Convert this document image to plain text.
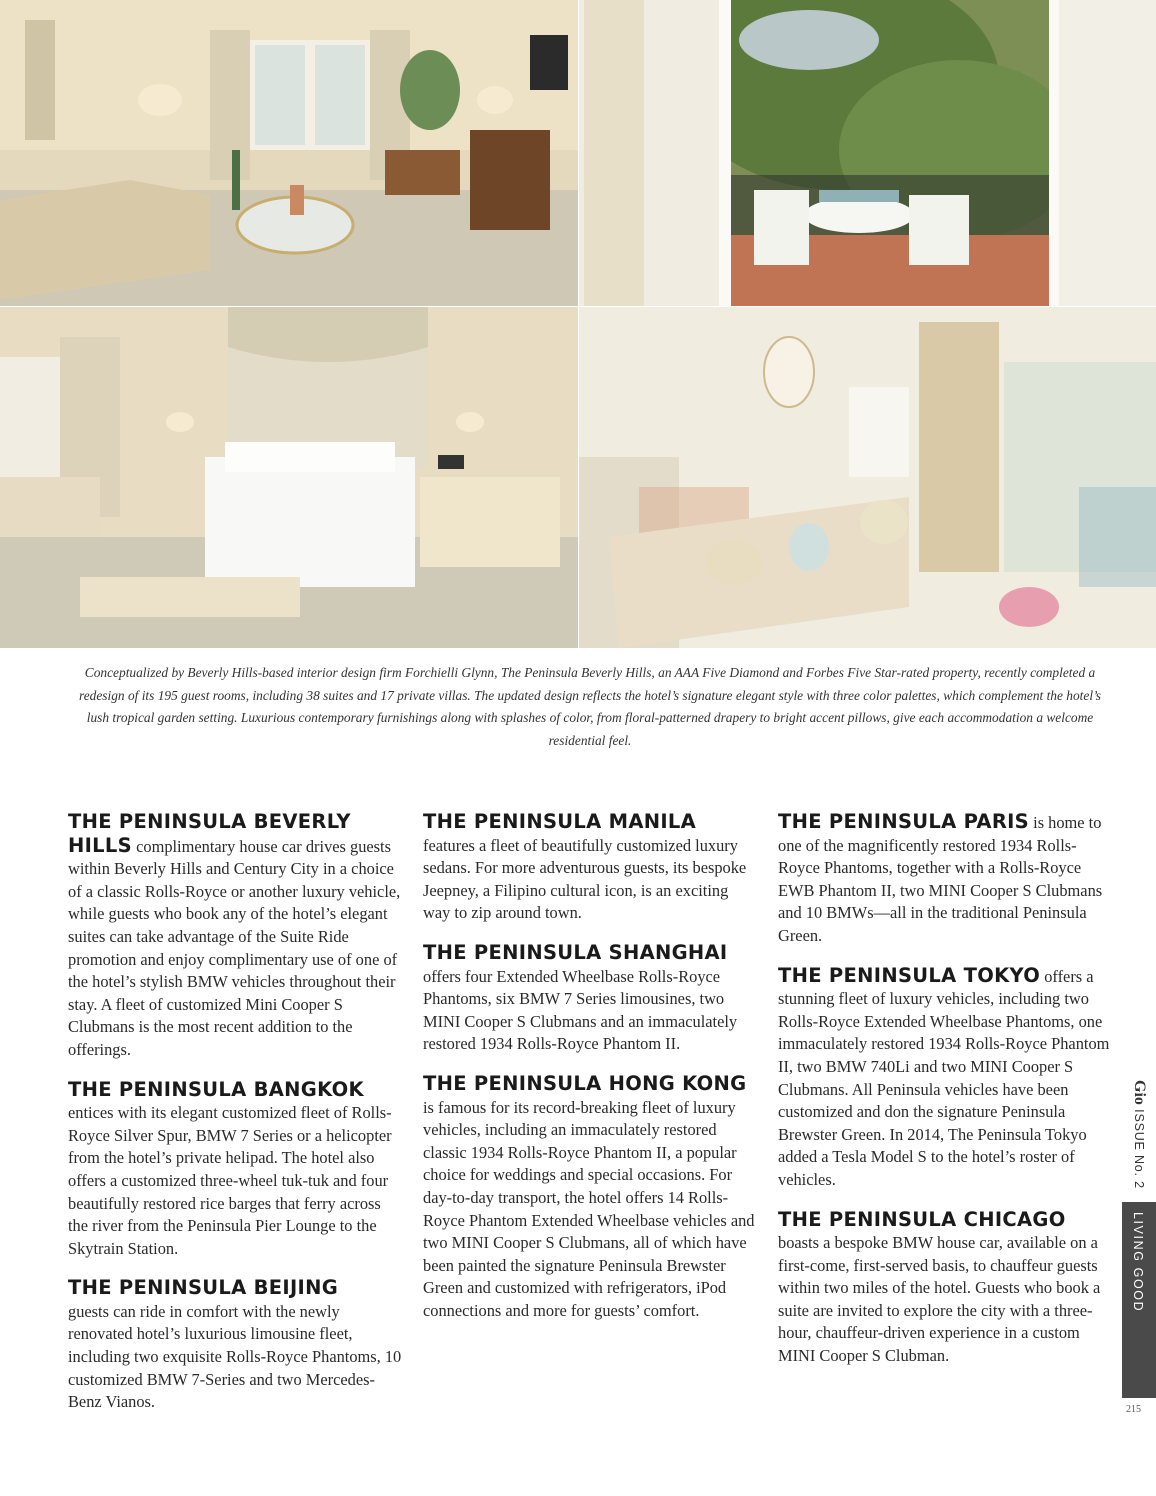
Conceptualized by Beverly Hills-based interior design firm Forchielli Glynn, The Peninsula Beverly Hills, an AAA Five Diamond and Forbes Five Star-rated property, recently completed a redesign of its 195 guest rooms, including 38 suites and 17 private villas. The updated design reflects the hotel’s signature elegant style with three color palettes, which complement the hotel’s lush tropical garden setting. Luxurious contemporary furnishings along with splashes of color, from floral-patterned drapery to bright accent pillows, give each accommodation a welcome residential feel.

THE PENINSULA BEVERLY HILLS complimentary house car drives guests within Beverly Hills and Century City in a choice of a classic Rolls-Royce or another luxury vehicle, while guests who book any of the hotel’s elegant suites can take advantage of the Suite Ride promotion and enjoy complimentary use of one of the hotel’s stylish BMW vehicles throughout their stay. A fleet of customized Mini Cooper S Clubmans is the most recent addition to the offerings.

THE PENINSULA BANGKOK
entices with its elegant customized fleet of Rolls-Royce Silver Spur, BMW 7 Series or a helicopter from the hotel’s private helipad. The hotel also offers a customized three-wheel tuk-tuk and four beautifully restored rice barges that ferry across the river from the Peninsula Pier Lounge to the Skytrain Station.

THE PENINSULA BEIJING
guests can ride in comfort with the newly renovated hotel’s luxurious limousine fleet, including two exquisite Rolls-Royce Phantoms, 10 customized BMW 7-Series and two Mercedes-Benz Vianos.

THE PENINSULA MANILA
features a fleet of beautifully customized luxury sedans. For more adventurous guests, its bespoke Jeepney, a Filipino cultural icon, is an exciting way to zip around town.

THE PENINSULA SHANGHAI
offers four Extended Wheelbase Rolls-Royce Phantoms, six BMW 7 Series limousines, two MINI Cooper S Clubmans and an immaculately restored 1934 Rolls-Royce Phantom II.

THE PENINSULA HONG KONG is famous for its record-breaking fleet of luxury vehicles, including an immaculately restored classic 1934 Rolls-Royce Phantom II, a popular choice for weddings and special occasions. For day-to-day transport, the hotel offers 14 Rolls-Royce Phantom Extended Wheelbase vehicles and two MINI Cooper S Clubmans, all of which have been painted the signature Peninsula Brewster Green and customized with refrigerators, iPod connections and more for guests’ comfort.

THE PENINSULA PARIS is home to one of the magnificently restored 1934 Rolls-Royce Phantoms, together with a Rolls-Royce EWB Phantom II, two MINI Cooper S Clubmans and 10 BMWs—all in the traditional Peninsula Green.

THE PENINSULA TOKYO offers a stunning fleet of luxury vehicles, including two Rolls-Royce Extended Wheelbase Phantoms, one immaculately restored 1934 Rolls-Royce Phantom II, two BMW 740Li and two MINI Cooper S Clubmans. All Peninsula vehicles have been customized and don the signature Peninsula Brewster Green. In 2014, The Peninsula Tokyo added a Tesla Model S to the hotel’s roster of vehicles.

THE PENINSULA CHICAGO
boasts a bespoke BMW house car, available on a first-come, first-served basis, to chauffeur guests within two miles of the hotel. Guests who book a suite are invited to explore the city with a three-hour, chauffeur-driven experience in a custom MINI Cooper S Clubman.

Gio ISSUE No. 2
LIVING GOOD
215
